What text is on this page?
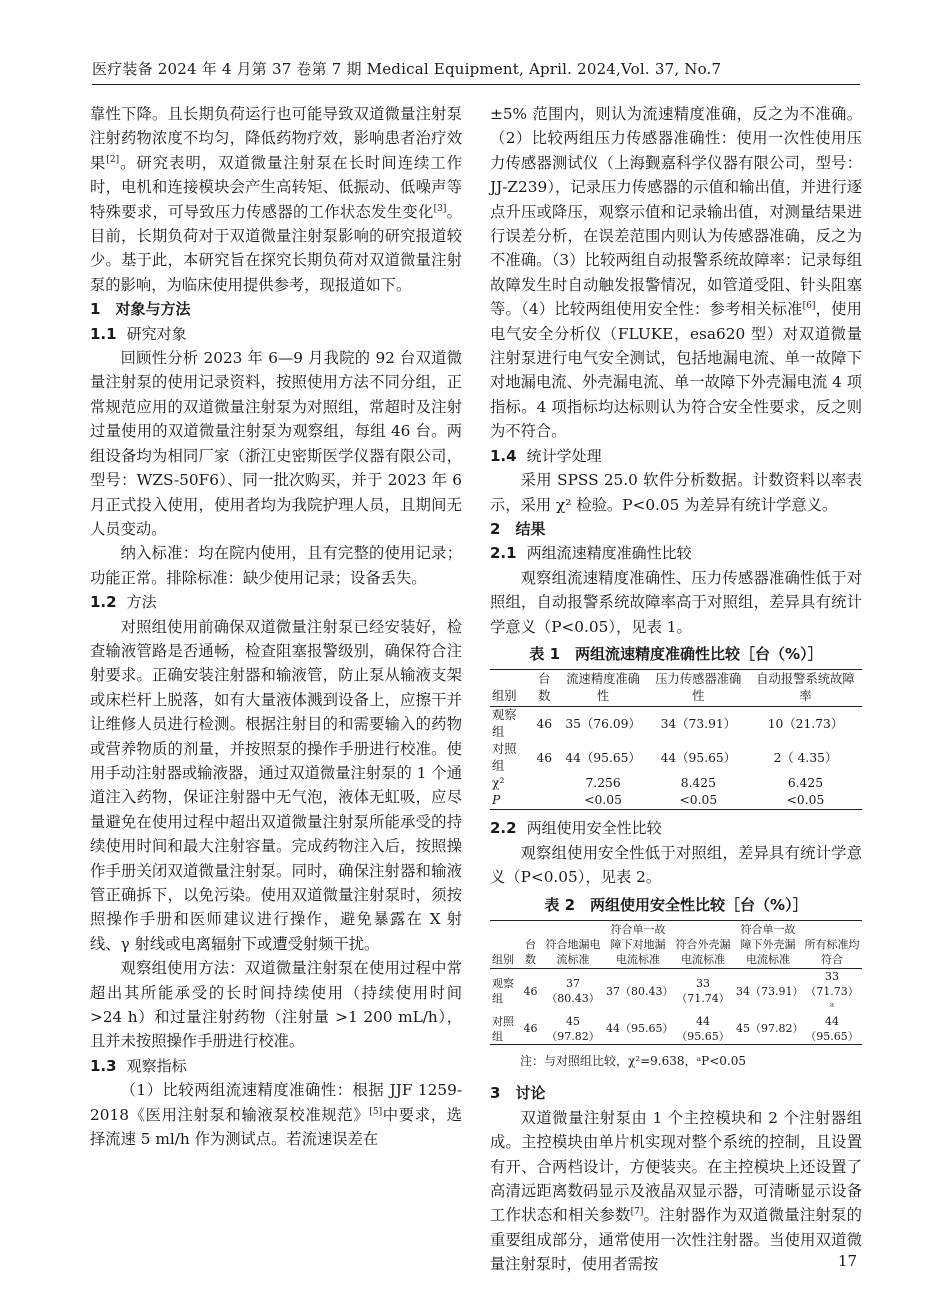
医疗装备 2024 年 4 月第 37 卷第 7 期 Medical Equipment, April. 2024,Vol. 37, No.7

靠性下降。且长期负荷运行也可能导致双道微量注射泵注射药物浓度不均匀，降低药物疗效，影响患者治疗效果[2]。研究表明，双道微量注射泵在长时间连续工作时，电机和连接模块会产生高转矩、低振动、低噪声等特殊要求，可导致压力传感器的工作状态发生变化[3]。目前，长期负荷对于双道微量注射泵影响的研究报道较少。基于此，本研究旨在探究长期负荷对双道微量注射泵的影响，为临床使用提供参考，现报道如下。

1　 对象与方法
1.1 研究对象

回顾性分析 2023 年 6—9 月我院的 92 台双道微量注射泵的使用记录资料，按照使用方法不同分组，正常规范应用的双道微量注射泵为对照组，常超时及注射过量使用的双道微量注射泵为观察组，每组 46 台。两组设备均为相同厂家（浙江史密斯医学仪器有限公司，型号：WZS-50F6）、同一批次购买，并于 2023 年 6 月正式投入使用，使用者均为我院护理人员，且期间无人员变动。

纳入标准：均在院内使用，且有完整的使用记录；功能正常。排除标准：缺少使用记录；设备丢失。

1.2 方法

对照组使用前确保双道微量注射泵已经安装好，检查输液管路是否通畅，检查阻塞报警级别，确保符合注射要求。正确安装注射器和输液管，防止泵从输液支架或床栏杆上脱落，如有大量液体溅到设备上，应擦干并让维修人员进行检测。根据注射目的和需要输入的药物或营养物质的剂量，并按照泵的操作手册进行校准。使用手动注射器或输液器，通过双道微量注射泵的 1 个通道注入药物，保证注射器中无气泡，液体无虹吸，应尽量避免在使用过程中超出双道微量注射泵所能承受的持续使用时间和最大注射容量。完成药物注入后，按照操作手册关闭双道微量注射泵。同时，确保注射器和输液管正确拆下，以免污染。使用双道微量注射泵时，须按照操作手册和医师建议进行操作，避免暴露在 X 射线、γ 射线或电离辐射下或遭受射频干扰。

观察组使用方法：双道微量注射泵在使用过程中常超出其所能承受的长时间持续使用（持续使用时间 >24 h）和过量注射药物（注射量 >1 200 mL/h），且并未按照操作手册进行校准。

1.3 观察指标

（1）比较两组流速精度准确性：根据 JJF 1259-2018《医用注射泵和输液泵校准规范》[5]中要求，选择流速 5 ml/h 作为测试点。若流速误差在

±5% 范围内，则认为流速精度准确，反之为不准确。（2）比较两组压力传感器准确性：使用一次性使用压力传感器测试仪（上海觐嘉科学仪器有限公司，型号：JJ-Z239），记录压力传感器的示值和输出值，并进行逐点升压或降压，观察示值和记录输出值，对测量结果进行误差分析，在误差范围内则认为传感器准确，反之为不准确。（3）比较两组自动报警系统故障率：记录每组故障发生时自动触发报警情况，如管道受阻、针头阻塞等。（4）比较两组使用安全性：参考相关标准[6]，使用电气安全分析仪（FLUKE，esa620 型）对双道微量注射泵进行电气安全测试，包括地漏电流、单一故障下对地漏电流、外壳漏电流、单一故障下外壳漏电流 4 项指标。4 项指标均达标则认为符合安全性要求，反之则为不符合。

1.4 统计学处理

采用 SPSS 25.0 软件分析数据。计数资料以率表示，采用 χ² 检验。P<0.05 为差异有统计学意义。

2　 结果
2.1 两组流速精度准确性比较

观察组流速精度准确性、压力传感器准确性低于对照组，自动报警系统故障率高于对照组，差异具有统计学意义（P<0.05），见表 1。

表 1　两组流速精度准确性比较［台（%）］
组别	台数	流速精度准确性	压力传感器准确性	自动报警系统故障率
观察组	46	35（76.09）	34（73.91）	10（21.73）
对照组	46	44（95.65）	44（95.65）	2（ 4.35）
χ²		7.256	8.425	6.425
P		<0.05	<0.05	<0.05
2.2 两组使用安全性比较

观察组使用安全性低于对照组，差异具有统计学意义（P<0.05），见表 2。

表 2　两组使用安全性比较［台（%）］
组别	台数	符合地漏电流标准	符合单一故障下对地漏电流标准	符合外壳漏电流标准	符合单一故障下外壳漏电流标准	所有标准均符合
观察组	46	37（80.43）	37（80.43）	33（71.74）	34（73.91）	33（71.73）ᵃ
对照组	46	45（97.82）	44（95.65）	44（95.65）	45（97.82）	44（95.65）
注：与对照组比较，χ²=9.638，ᵃP<0.05
3　 讨论

双道微量注射泵由 1 个主控模块和 2 个注射器组成。主控模块由单片机实现对整个系统的控制，且设置有开、合两档设计，方便装夹。在主控模块上还设置了高清远距离数码显示及液晶双显示器，可清晰显示设备工作状态和相关参数[7]。注射器作为双道微量注射泵的重要组成部分，通常使用一次性注射器。当使用双道微量注射泵时，使用者需按	17
